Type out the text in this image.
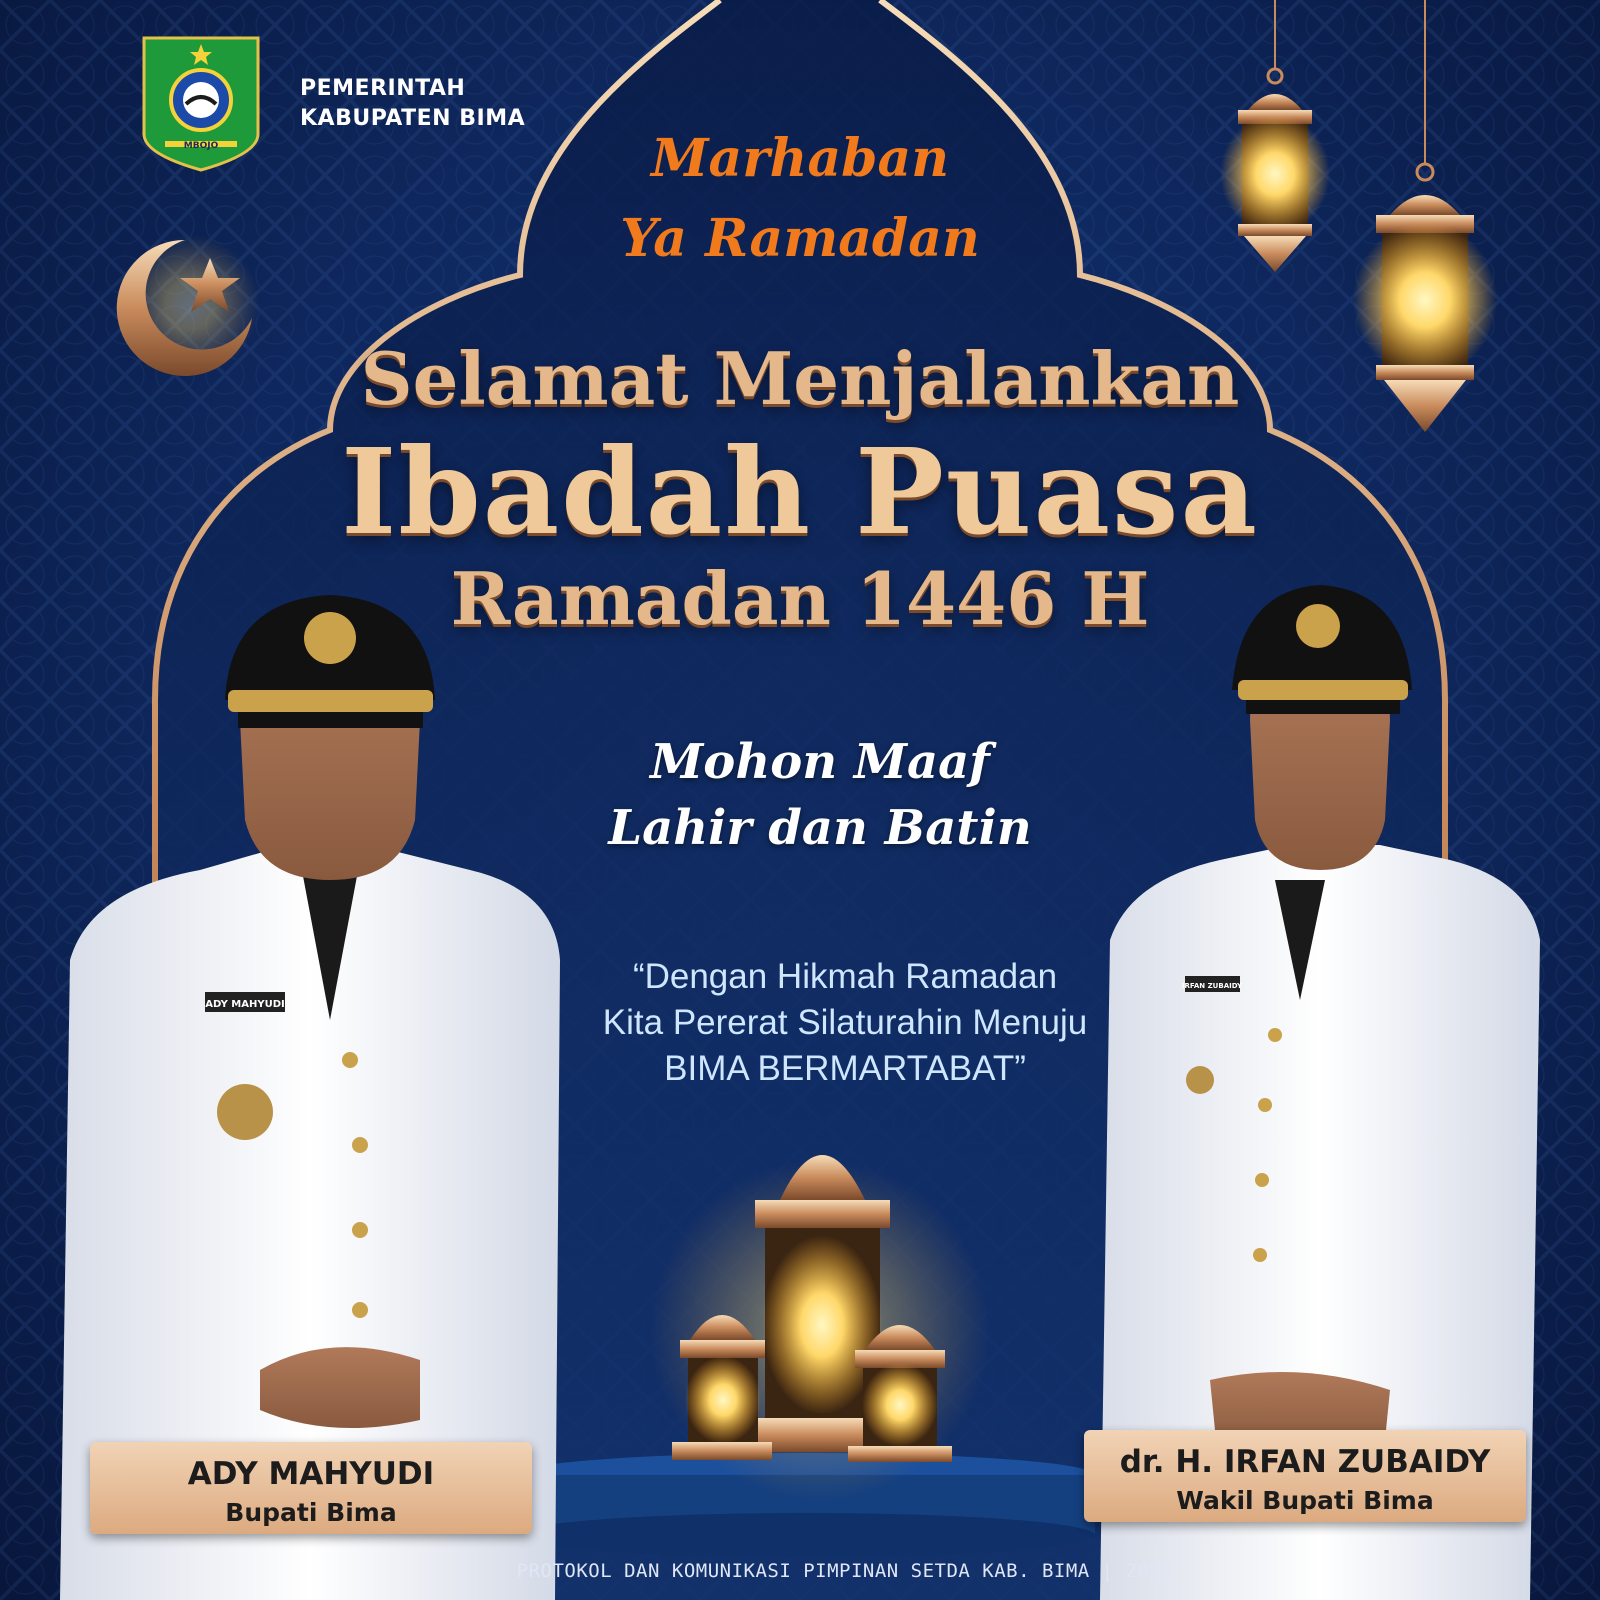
ADY MAHYUDI
IRFAN ZUBAIDY
MBOJO
PEMERINTAH
KABUPATEN BIMA
Marhaban
Ya Ramadan
Selamat Menjalankan
Ibadah Puasa
Ramadan 1446 H
Mohon Maaf
Lahir dan Batin
“Dengan Hikmah Ramadan
Kita Pererat Silaturahin Menuju
BIMA BERMARTABAT”
ADY MAHYUDI
Bupati Bima
dr. H. IRFAN ZUBAIDY
Wakil Bupati Bima
PROTOKOL DAN KOMUNIKASI PIMPINAN SETDA KAB. BIMA | 2025
